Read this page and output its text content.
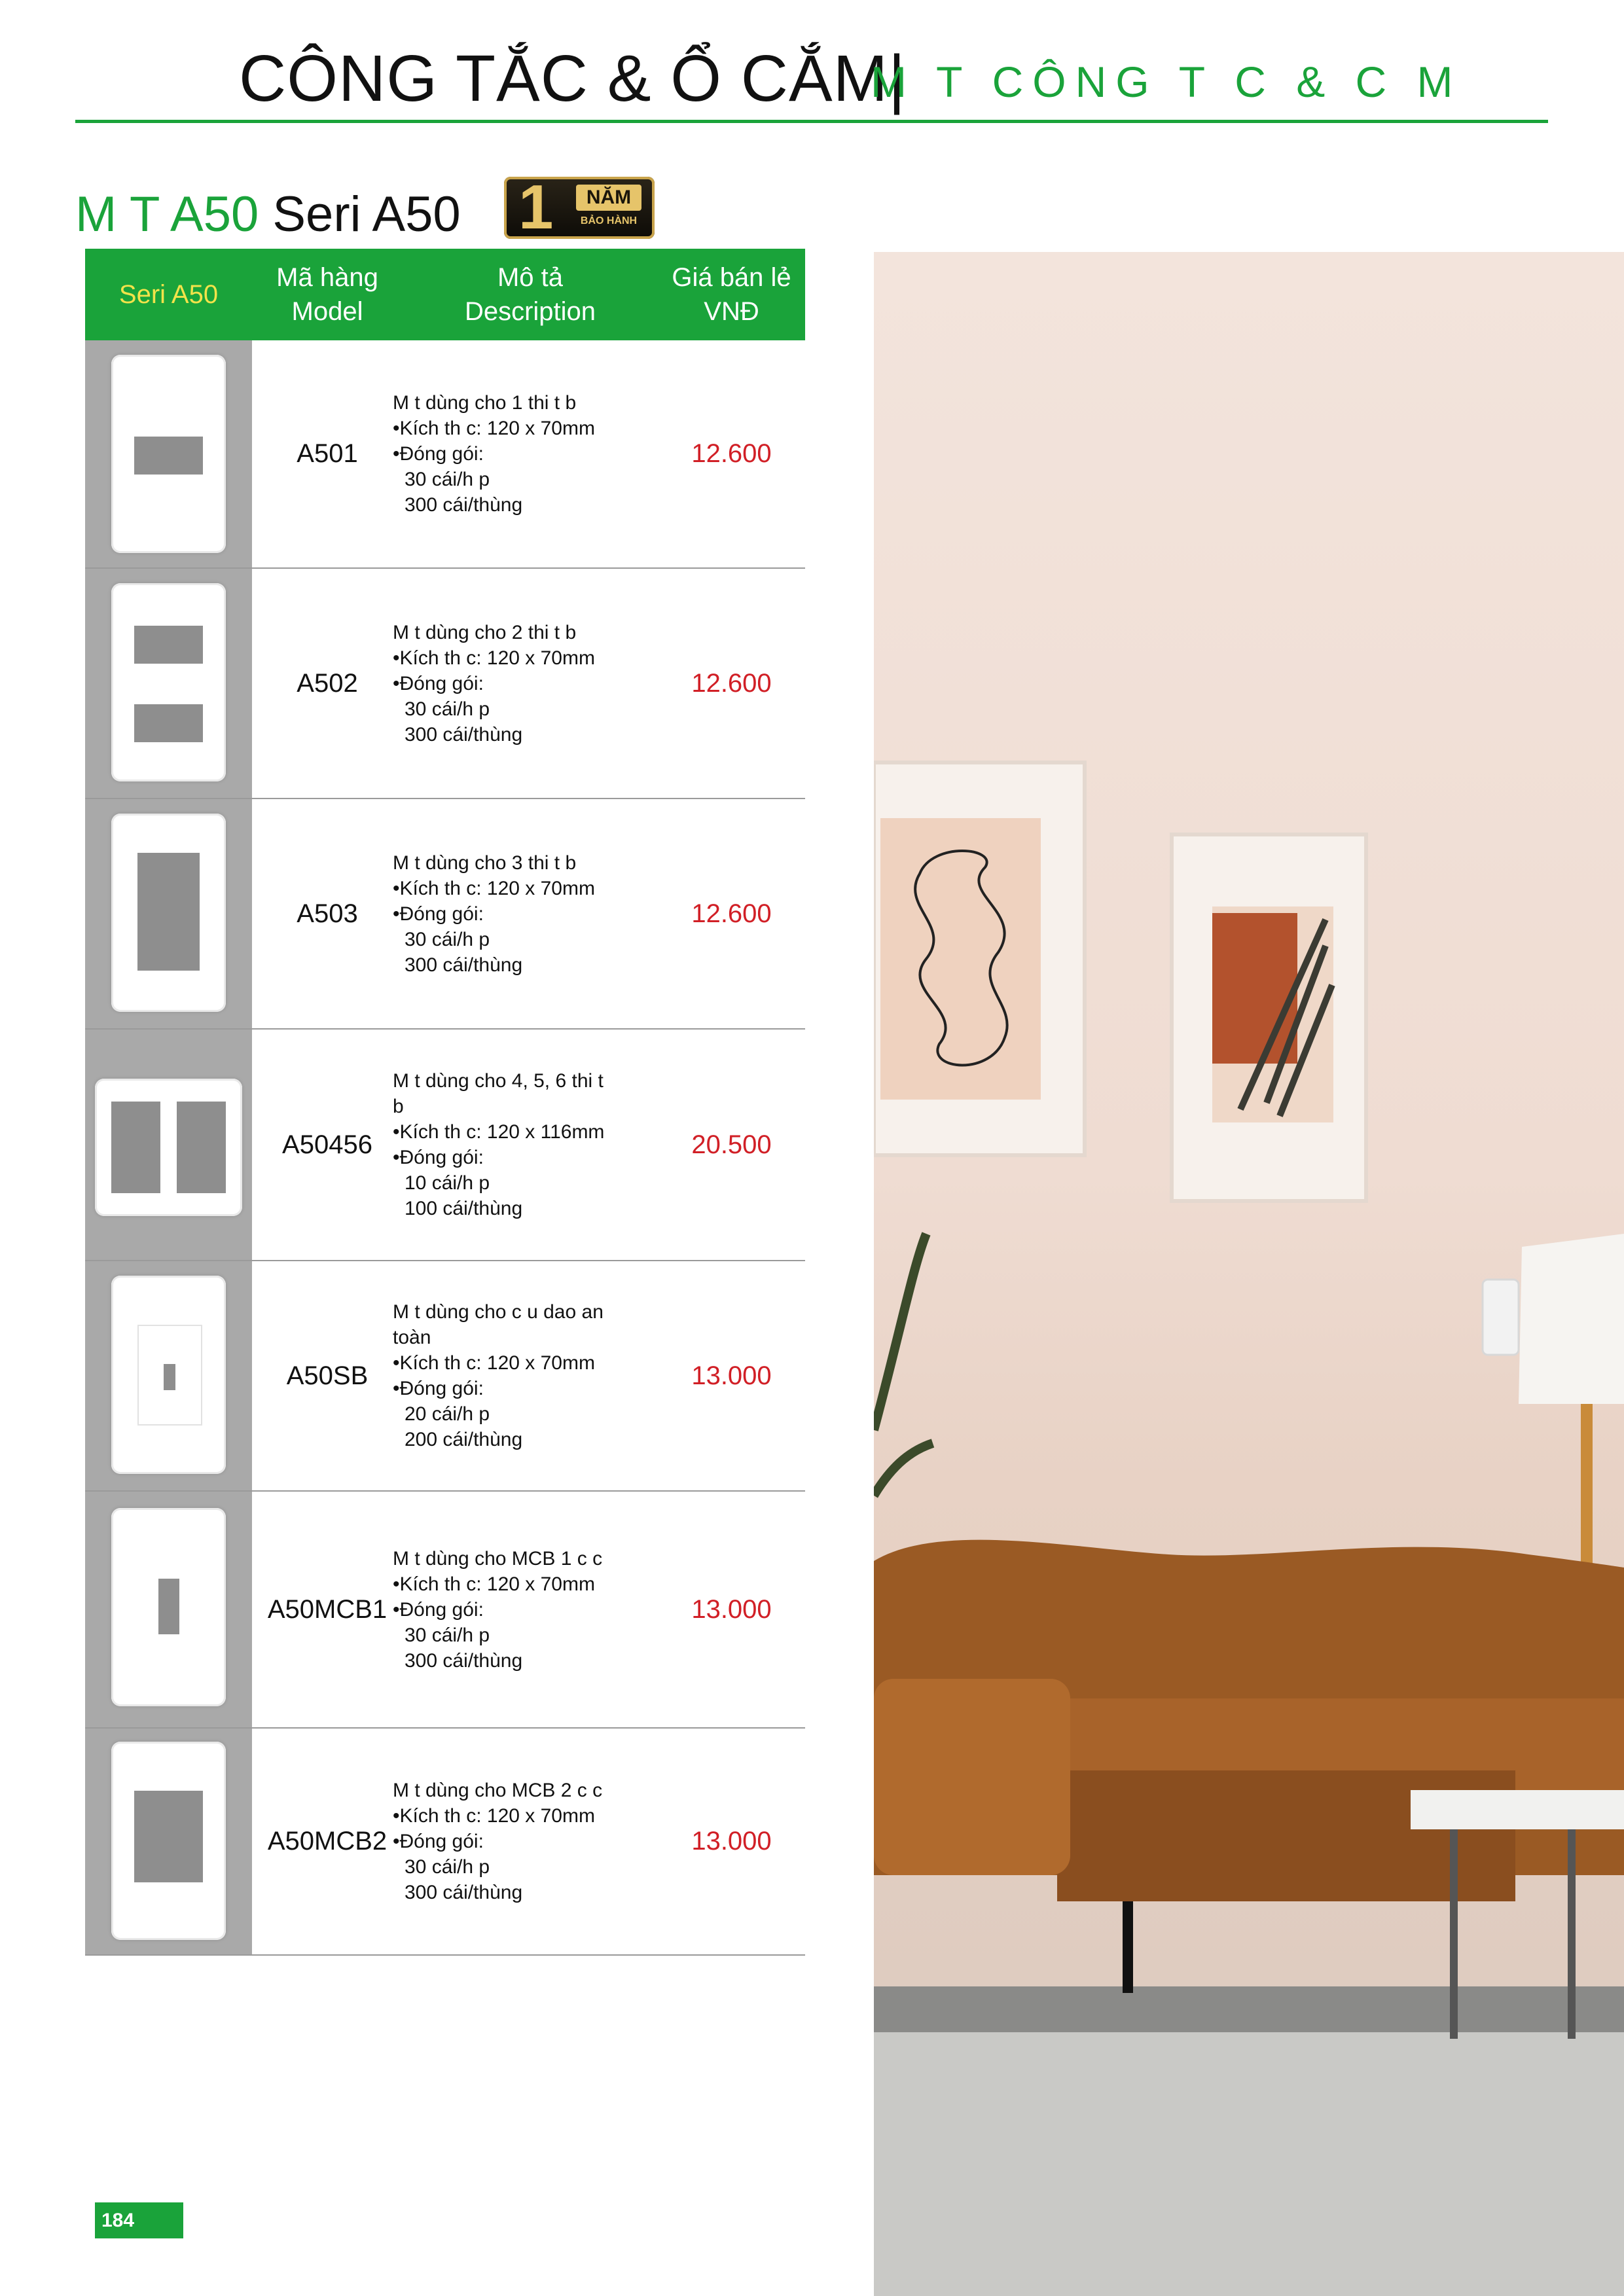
CÔNG TẮC & Ổ CẮM|
M T CÔNG T C & C M
M T A50 Seri A50 1	NĂM
BẢO HÀNH
Seri A50
Mã hàng
Model
Mô tả
Description
Giá bán lẻ
VNĐ
A501
M t dùng cho 1 thi t b
•Kích th c: 120 x 70mm
•Đóng gói:
30 cái/h p
300 cái/thùng
12.600
A502
M t dùng cho 2 thi t b
•Kích th c: 120 x 70mm
•Đóng gói:
30 cái/h p
300 cái/thùng
12.600
A503
M t dùng cho 3 thi t b
•Kích th c: 120 x 70mm
•Đóng gói:
30 cái/h p
300 cái/thùng
12.600
A50456
M t dùng cho 4, 5, 6 thi t
b
•Kích th c: 120 x 116mm
•Đóng gói:
10 cái/h p
100 cái/thùng
20.500
A50SB
M t dùng cho c u dao an
toàn
•Kích th c: 120 x 70mm
•Đóng gói:
20 cái/h p
200 cái/thùng
13.000
A50MCB1
M t dùng cho MCB 1 c c
•Kích th c: 120 x 70mm
•Đóng gói:
30 cái/h p
300 cái/thùng
13.000
A50MCB2
M t dùng cho MCB 2 c c
•Kích th c: 120 x 70mm
•Đóng gói:
30 cái/h p
300 cái/thùng
13.000
184
